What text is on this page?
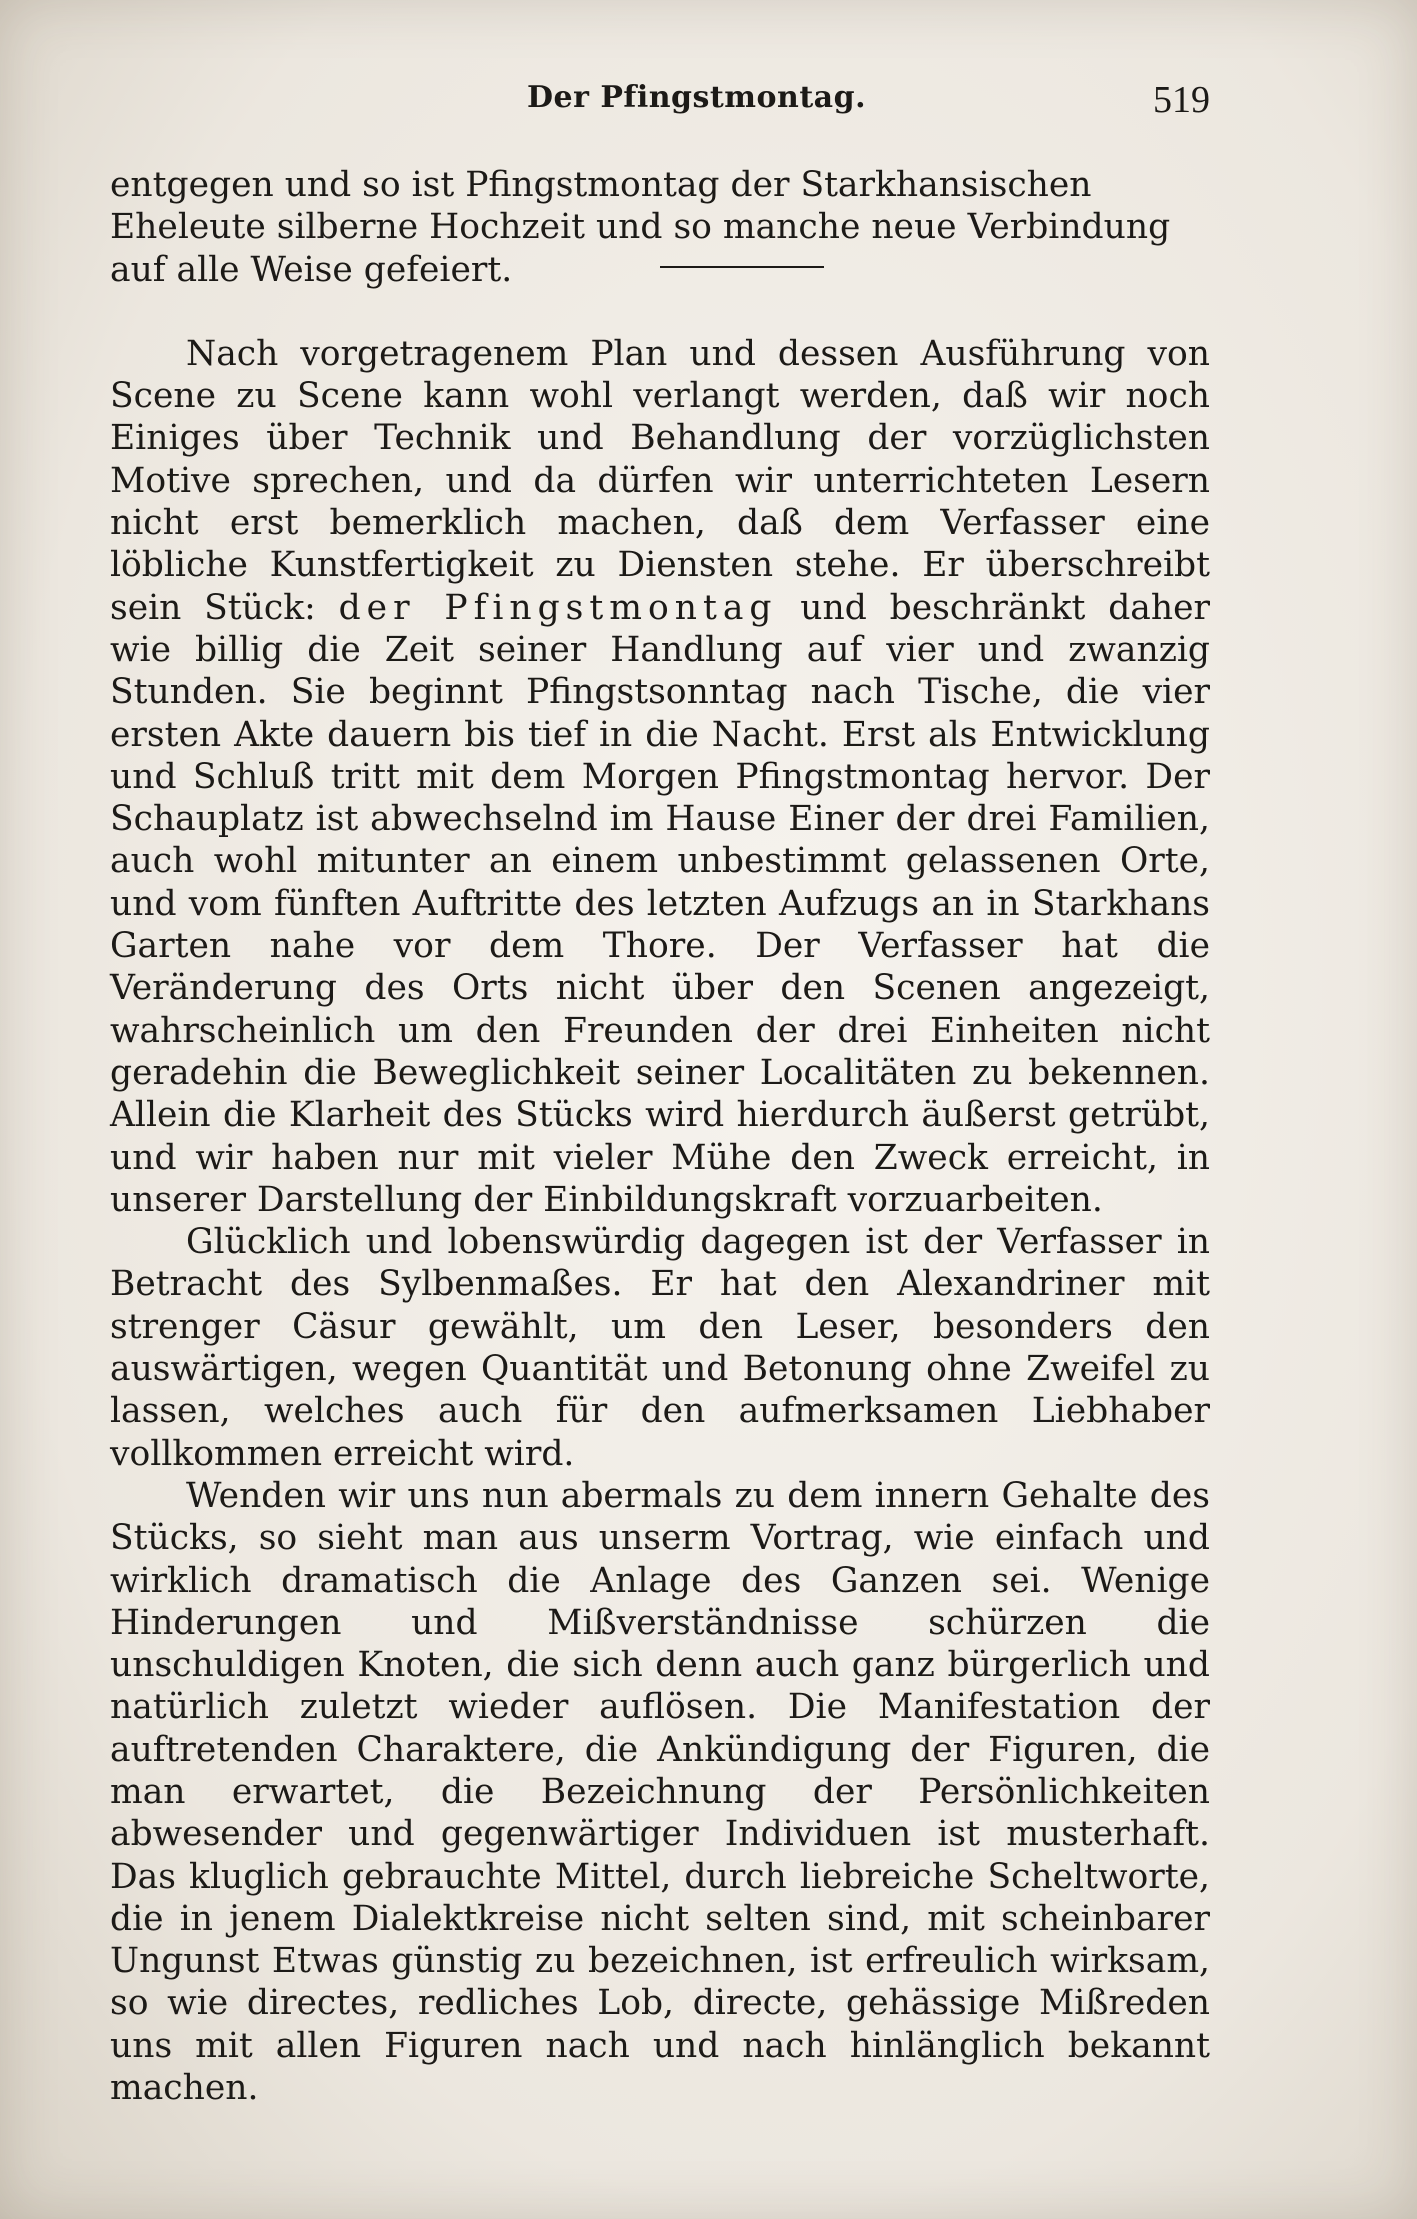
Der Pfingstmontag.	519

entgegen und so ist Pfingstmontag der Starkhansischen Eheleute silberne Hochzeit und so manche neue Verbindung auf alle Weise gefeiert.

Nach vorgetragenem Plan und dessen Ausführung von Scene zu Scene kann wohl verlangt werden, daß wir noch Einiges über Technik und Behandlung der vorzüglichsten Motive sprechen, und da dürfen wir unterrichteten Lesern nicht erst bemerklich machen, daß dem Verfasser eine löbliche Kunstfertigkeit zu Diensten stehe. Er überschreibt sein Stück: der Pfingstmontag und beschränkt daher wie billig die Zeit seiner Handlung auf vier und zwanzig Stunden. Sie beginnt Pfingstsonntag nach Tische, die vier ersten Akte dauern bis tief in die Nacht. Erst als Entwicklung und Schluß tritt mit dem Morgen Pfingstmontag hervor. Der Schauplatz ist abwechselnd im Hause Einer der drei Familien, auch wohl mitunter an einem unbestimmt gelassenen Orte, und vom fünften Auftritte des letzten Aufzugs an in Starkhans Garten nahe vor dem Thore. Der Verfasser hat die Veränderung des Orts nicht über den Scenen angezeigt, wahrscheinlich um den Freunden der drei Einheiten nicht geradehin die Beweglichkeit seiner Localitäten zu bekennen. Allein die Klarheit des Stücks wird hierdurch äußerst getrübt, und wir haben nur mit vieler Mühe den Zweck erreicht, in unserer Darstellung der Einbildungskraft vorzuarbeiten.

Glücklich und lobenswürdig dagegen ist der Verfasser in Betracht des Sylbenmaßes. Er hat den Alexandriner mit strenger Cäsur gewählt, um den Leser, besonders den auswärtigen, wegen Quantität und Betonung ohne Zweifel zu lassen, welches auch für den aufmerksamen Liebhaber vollkommen erreicht wird.

Wenden wir uns nun abermals zu dem innern Gehalte des Stücks, so sieht man aus unserm Vortrag, wie einfach und wirklich dramatisch die Anlage des Ganzen sei. Wenige Hinderungen und Mißverständnisse schürzen die unschuldigen Knoten, die sich denn auch ganz bürgerlich und natürlich zuletzt wieder auflösen. Die Manifestation der auftretenden Charaktere, die Ankündigung der Figuren, die man erwartet, die Bezeichnung der Persönlichkeiten abwesender und gegenwärtiger Individuen ist musterhaft. Das kluglich gebrauchte Mittel, durch liebreiche Scheltworte, die in jenem Dialektkreise nicht selten sind, mit scheinbarer Ungunst Etwas günstig zu bezeichnen, ist erfreulich wirksam, so wie directes, redliches Lob, directe, gehässige Mißreden uns mit allen Figuren nach und nach hinlänglich bekannt machen.
